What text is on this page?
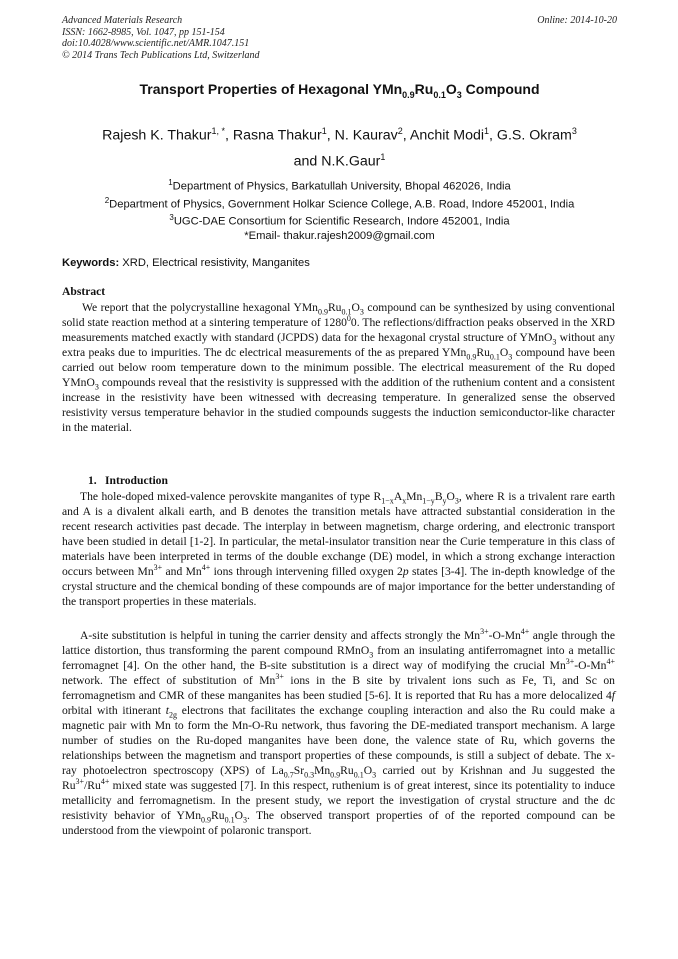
Advanced Materials Research
ISSN: 1662-8985, Vol. 1047, pp 151-154
doi:10.4028/www.scientific.net/AMR.1047.151
© 2014 Trans Tech Publications Ltd, Switzerland
Online: 2014-10-20
Transport Properties of Hexagonal $YMn_{0.9}Ru_{0.1}O_3$ Compound
Rajesh K. Thakur$^{1, *}$, Rasna Thakur$^1$, N. Kaurav$^2$, Anchit Modi$^1$, G.S. Okram$^3$
and N.K.Gaur$^1$
$^1$Department of Physics, Barkatullah University, Bhopal 462026, India
$^2$Department of Physics, Government Holkar Science College, A.B. Road, Indore 452001, India
$^3$UGC-DAE Consortium for Scientific Research, Indore 452001, India
*Email- thakur.rajesh2009@gmail.com
Keywords: XRD, Electrical resistivity, Manganites
Abstract
We report that the polycrystalline hexagonal $YMn_{0.9}Ru_{0.1}O_3$ compound can be synthesized by using conventional solid state reaction method at a sintering temperature of 1280$^0$0. The reflections/diffraction peaks observed in the XRD measurements matched exactly with standard (JCPDS) data for the hexagonal crystal structure of YMnO$_3$ without any extra peaks due to impurities. The dc electrical measurements of the as prepared $YMn_{0.9}Ru_{0.1}O_3$ compound have been carried out below room temperature down to the minimum possible. The electrical measurement of the Ru doped YMnO$_3$ compounds reveal that the resistivity is suppressed with the addition of the ruthenium content and a consistent increase in the resistivity have been witnessed with decreasing temperature. In generalized sense the observed resistivity versus temperature behavior in the studied compounds suggests the induction semiconductor-like character in the material.
1. Introduction
The hole-doped mixed-valence perovskite manganites of type $R_{1-x}A_xMn_{1-y}B_yO_3$, where R is a trivalent rare earth and A is a divalent alkali earth, and B denotes the transition metals have attracted substantial consideration in the recent research activities past decade. The interplay in between magnetism, charge ordering, and electronic transport have been studied in detail [1-2]. In particular, the metal-insulator transition near the Curie temperature in this class of materials have been interpreted in terms of the double exchange (DE) model, in which a strong exchange interaction occurs between $Mn^{3+}$ and $Mn^{4+}$ ions through intervening filled oxygen 2p states [3-4]. The in-depth knowledge of the crystal structure and the chemical bonding of these compounds are of major importance for the better understanding of the transport properties in these materials.
A-site substitution is helpful in tuning the carrier density and affects strongly the $Mn^{3+}-O-Mn^{4+}$ angle through the lattice distortion, thus transforming the parent compound RMnO$_3$ from an insulating antiferromagnet into a metallic ferromagnet [4]. On the other hand, the B-site substitution is a direct way of modifying the crucial $Mn^{3+}-O-Mn^{4+}$ network. The effect of substitution of $Mn^{3+}$ ions in the B site by trivalent ions such as Fe, Ti, and Sc on ferromagnetism and CMR of these manganites has been studied [5-6]. It is reported that Ru has a more delocalized 4f orbital with itinerant $t_{2g}$ electrons that facilitates the exchange coupling interaction and also the Ru could make a magnetic pair with Mn to form the Mn-O-Ru network, thus favoring the DE-mediated transport mechanism. A large number of studies on the Ru-doped manganites have been done, the valence state of Ru, which governs the relationships between the magnetism and transport properties of these compounds, is still a subject of debate. The x-ray photoelectron spectroscopy (XPS) of $La_{0.7}Sr_{0.3}Mn_{0.9}Ru_{0.1}O_3$ carried out by Krishnan and Ju suggested the $Ru^{3+}/Ru^{4+}$ mixed state was suggested [7]. In this respect, ruthenium is of great interest, since its potentiality to induce metallicity and ferromagnetism. In the present study, we report the investigation of crystal structure and the dc resistivity behavior of $YMn_{0.9}Ru_{0.1}O_3$. The observed transport properties of of the reported compound can be understood from the viewpoint of polaronic transport.
